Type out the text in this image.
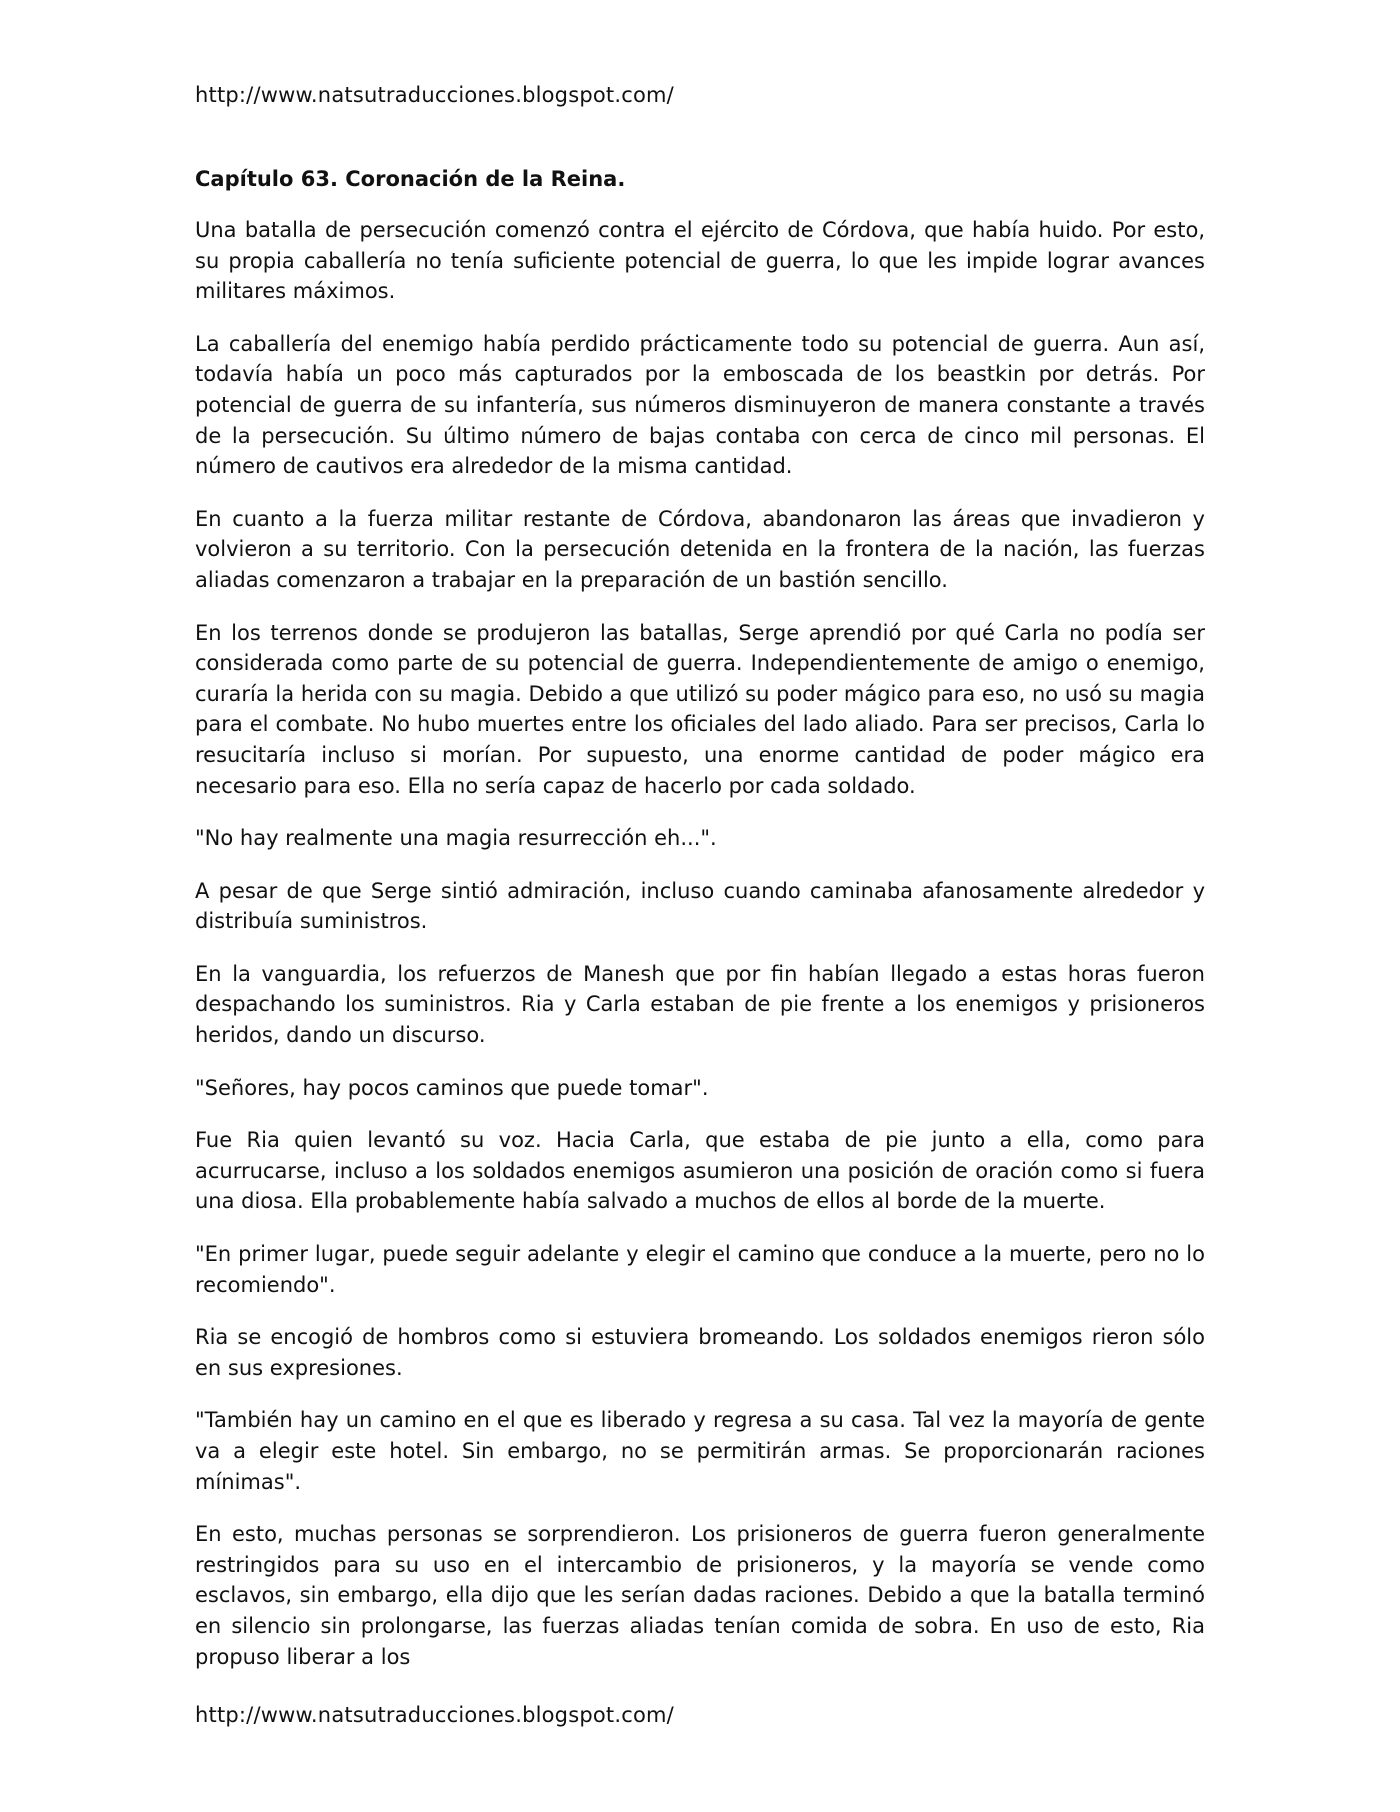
http://www.natsutraducciones.blogspot.com/
Capítulo 63. Coronación de la Reina.

Una batalla de persecución comenzó contra el ejército de Córdova, que había huido. Por esto, su propia caballería no tenía suficiente potencial de guerra, lo que les impide lograr avances militares máximos.

La caballería del enemigo había perdido prácticamente todo su potencial de guerra. Aun así, todavía había un poco más capturados por la emboscada de los beastkin por detrás. Por potencial de guerra de su infantería, sus números disminuyeron de manera constante a través de la persecución. Su último número de bajas contaba con cerca de cinco mil personas. El número de cautivos era alrededor de la misma cantidad.

En cuanto a la fuerza militar restante de Córdova, abandonaron las áreas que invadieron y volvieron a su territorio. Con la persecución detenida en la frontera de la nación, las fuerzas aliadas comenzaron a trabajar en la preparación de un bastión sencillo.

En los terrenos donde se produjeron las batallas, Serge aprendió por qué Carla no podía ser considerada como parte de su potencial de guerra. Independientemente de amigo o enemigo, curaría la herida con su magia. Debido a que utilizó su poder mágico para eso, no usó su magia para el combate. No hubo muertes entre los oficiales del lado aliado. Para ser precisos, Carla lo resucitaría incluso si morían. Por supuesto, una enorme cantidad de poder mágico era necesario para eso. Ella no sería capaz de hacerlo por cada soldado.

"No hay realmente una magia resurrección eh...".

A pesar de que Serge sintió admiración, incluso cuando caminaba afanosamente alrededor y distribuía suministros.

En la vanguardia, los refuerzos de Manesh que por fin habían llegado a estas horas fueron despachando los suministros. Ria y Carla estaban de pie frente a los enemigos y prisioneros heridos, dando un discurso.

"Señores, hay pocos caminos que puede tomar".

Fue Ria quien levantó su voz. Hacia Carla, que estaba de pie junto a ella, como para acurrucarse, incluso a los soldados enemigos asumieron una posición de oración como si fuera una diosa. Ella probablemente había salvado a muchos de ellos al borde de la muerte.

"En primer lugar, puede seguir adelante y elegir el camino que conduce a la muerte, pero no lo recomiendo".

Ria se encogió de hombros como si estuviera bromeando. Los soldados enemigos rieron sólo en sus expresiones.

"También hay un camino en el que es liberado y regresa a su casa. Tal vez la mayoría de gente va a elegir este hotel. Sin embargo, no se permitirán armas. Se proporcionarán raciones mínimas".

En esto, muchas personas se sorprendieron. Los prisioneros de guerra fueron generalmente restringidos para su uso en el intercambio de prisioneros, y la mayoría se vende como esclavos, sin embargo, ella dijo que les serían dadas raciones. Debido a que la batalla terminó en silencio sin prolongarse, las fuerzas aliadas tenían comida de sobra. En uso de esto, Ria propuso liberar a los

http://www.natsutraducciones.blogspot.com/
